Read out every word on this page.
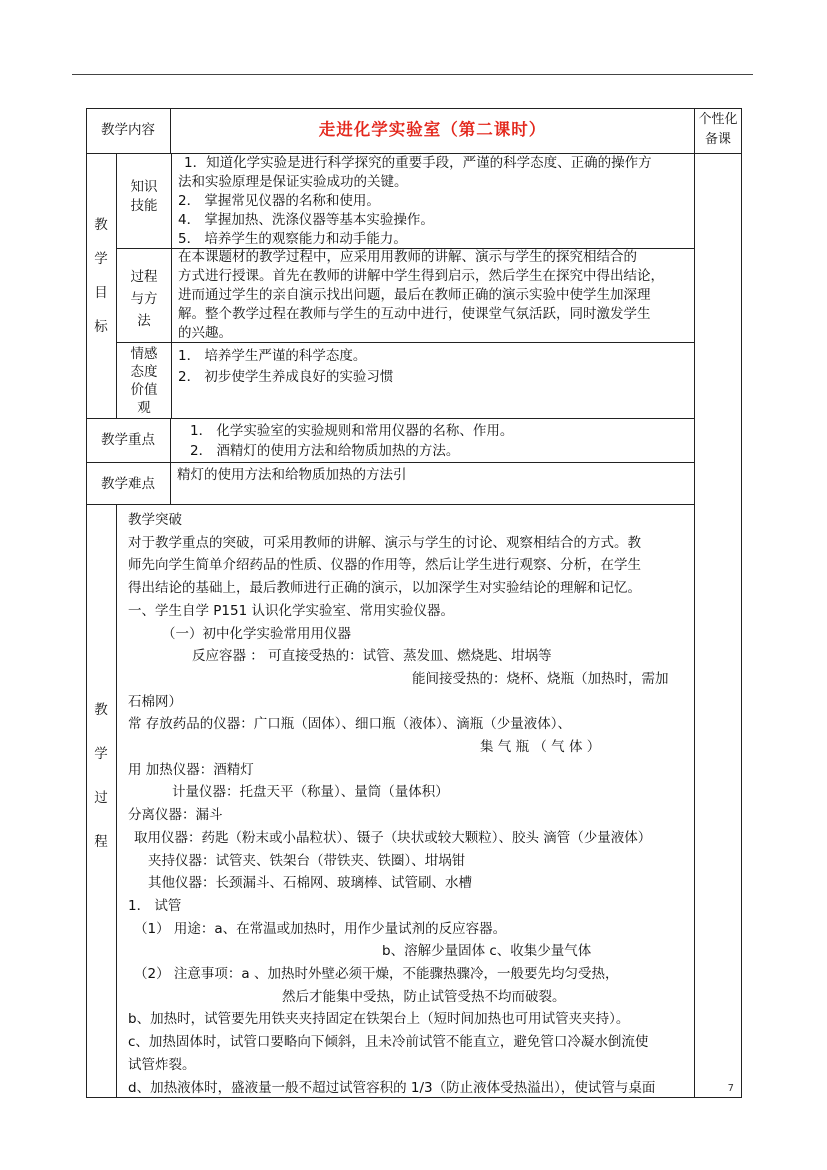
教学内容	走进化学实验室（第二课时）
个性化备课
教
学
目
标
知识技能
1．知道化学实验是进行科学探究的重要手段，严谨的科学态度、正确的操作方
法和实验原理是保证实验成功的关键。
2． 掌握常见仪器的名称和使用。
4． 掌握加热、洗涤仪器等基本实验操作。
5． 培养学生的观察能力和动手能力。
过程与方法
在本课题材的教学过程中，应采用用教师的讲解、演示与学生的探究相结合的
方式进行授课。首先在教师的讲解中学生得到启示，然后学生在探究中得出结论，
进而通过学生的亲自演示找出问题，最后在教师正确的演示实验中使学生加深理
解。整个教学过程在教师与学生的互动中进行，使课堂气氛活跃，同时激发学生
的兴趣。
情感态度价值观
1． 培养学生严谨的科学态度。
2． 初步使学生养成良好的实验习惯
教学重点
1． 化学实验室的实验规则和常用仪器的名称、作用。
2． 酒精灯的使用方法和给物质加热的方法。
教学难点
精灯的使用方法和给物质加热的方法引
教
学
过
程
教学突破
对于教学重点的突破，可采用教师的讲解、演示与学生的讨论、观察相结合的方式。教
师先向学生简单介绍药品的性质、仪器的作用等，然后让学生进行观察、分析，在学生
得出结论的基础上，最后教师进行正确的演示，以加深学生对实验结论的理解和记忆。
一、学生自学 P151 认识化学实验室、常用实验仪器。
（一）初中化学实验常用用仪器
反应容器 ： 可直接受热的：试管、蒸发皿、燃烧匙、坩埚等
能间接受热的：烧杯、烧瓶（加热时，需加
石棉网）
常 存放药品的仪器：广口瓶（固体）、细口瓶（液体）、滴瓶（少量液体）、
集 气 瓶 （ 气 体 ）
用 加热仪器：酒精灯
计量仪器：托盘天平（称量）、量筒（量体积）
分离仪器：漏斗
取用仪器：药匙（粉末或小晶粒状）、镊子（块状或较大颗粒）、胶头 滴管（少量液体）
夹持仪器：试管夹、铁架台（带铁夹、铁圈）、坩埚钳
其他仪器：长颈漏斗、石棉网、玻璃棒、试管刷、水槽
1． 试管
（1） 用途：a、在常温或加热时，用作少量试剂的反应容器。
b、溶解少量固体 c、收集少量气体
（2） 注意事项：a 、加热时外壁必须干燥，不能骤热骤冷，一般要先均匀受热，
然后才能集中受热，防止试管受热不均而破裂。
b、加热时，试管要先用铁夹夹持固定在铁架台上（短时间加热也可用试管夹夹持）。
c、加热固体时，试管口要略向下倾斜，且未冷前试管不能直立，避免管口冷凝水倒流使
试管炸裂。
d、加热液体时，盛液量一般不超过试管容积的 1/3（防止液体受热溢出），使试管与桌面	7
